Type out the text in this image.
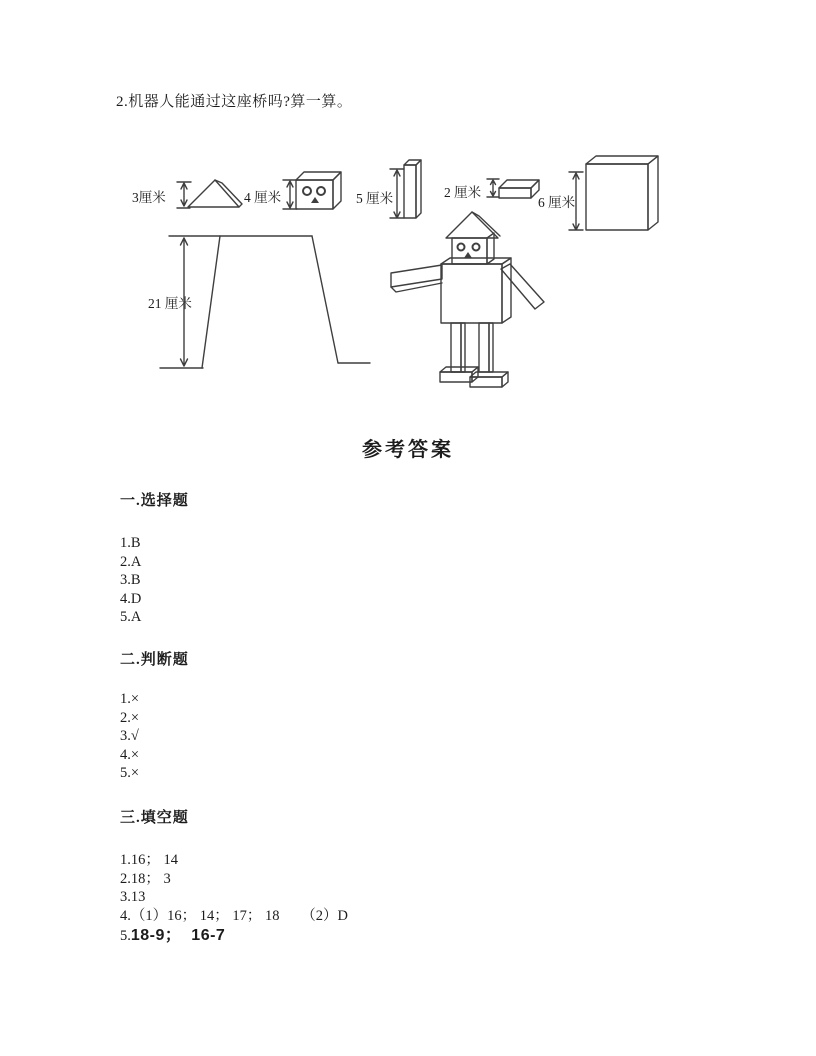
2.机器人能通过这座桥吗?算一算。
3厘米	4 厘米	5 厘米	2 厘米
6 厘米
21 厘米
参考答案
一.选择题
1.B
2.A
3.B
4.D
5.A
二.判断题
1.×
2.×
3.√
4.×
5.×
三.填空题
1.16； 14
2.18； 3
3.13
4.（1）16； 14； 17； 18      （2）D
5.18-9；  16-7
